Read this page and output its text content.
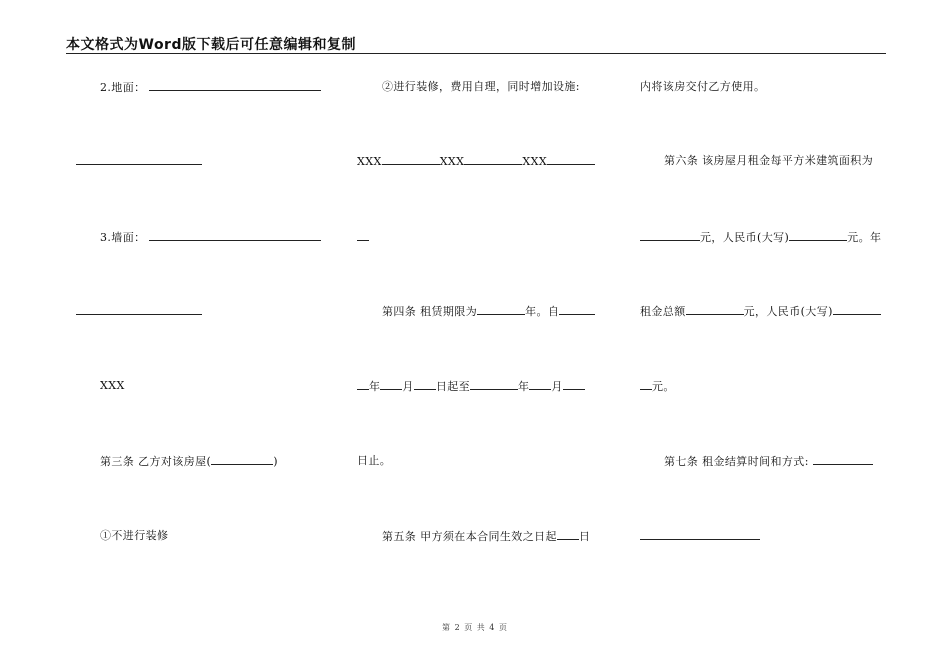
本文格式为Word版下载后可任意编辑和复制
2.地面：
3.墙面：
XXX
第三条 乙方对该房屋(	)
①不进行装修
②进行装修，费用自理，同时增加设施:
XXX	XXX	XXX
第四条 租赁期限为	年。自
年 月 日起至	年 月
日止。
第五条 甲方须在本合同生效之日起 日
内将该房交付乙方使用。
第六条 该房屋月租金每平方米建筑面积为
元，人民币(大写)	元。年
租金总额	元，人民币(大写)
元。
第七条 租金结算时间和方式:
第 2 页 共 4 页
